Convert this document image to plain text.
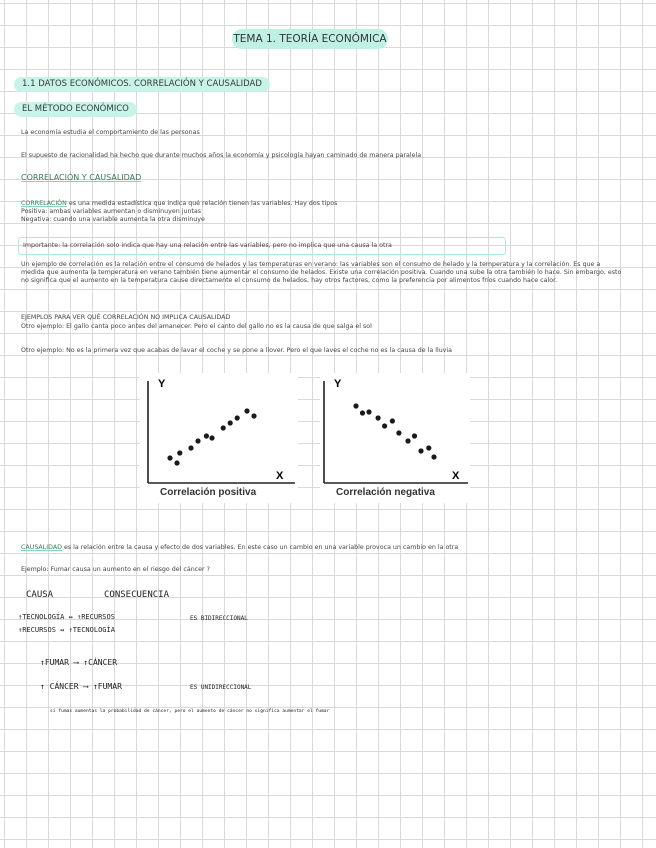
TEMA 1. TEORÍA ECONÓMICA
1.1 DATOS ECONÓMICOS. CORRELACIÓN Y CAUSALIDAD
EL MÉTODO ECONÓMICO
La economía estudia el comportamiento de las personas
El supuesto de racionalidad ha hecho que durante muchos años la economía y psicología hayan caminado de manera paralela
CORRELACIÓN Y CAUSALIDAD
CORRELACIÓN es una medida estadística que indica qué relación tienen las variables. Hay dos tipos
Positiva: ambas variables aumentan o disminuyen juntas
Negativa: cuando una variable aumenta la otra disminuye
Importante: la correlación solo indica que hay una relación entre las variables, pero no implica que una causa la otra
Un ejemplo de correlación es la relación entre el consumo de helados y las temperaturas en verano: las variables son el consumo de helado y la temperatura y la correlación. Es que a medida que aumenta la temperatura en verano también tiene aumentar el consumo de helados. Existe una correlación positiva. Cuando una sube la otra también lo hace. Sin embargo, esto no significa que el aumento en la temperatura cause directamente el consumo de helados, hay otros factores, como la preferencia por alimentos fríos cuando hace calor.
EJEMPLOS PARA VER QUÉ CORRELACIÓN NO IMPLICA CAUSALIDAD
Otro ejemplo: El gallo canta poco antes del amanecer. Pero el canto del gallo no es la causa de que salga el sol
Otro ejemplo: No es la primera vez que acabas de lavar el coche y se pone a llover. Pero el que laves el coche no es la causa de la lluvia
Y
X
Correlación positiva
Y
X
Correlación negativa
CAUSALIDAD es la relación entre la causa y efecto de dos variables. En este caso un cambio en una variable provoca un cambio en la otra
Ejemplo: Fumar causa un aumento en el riesgo del cáncer ?
CAUSA	CONSECUENCIA
↑TECNOLOGÍA ↔ ↑RECURSOS
↑RECURSOS ↔ ↑TECNOLOGÍA
ES BIDIRECCIONAL
↑FUMAR ⟶ ↑CÁNCER
↑ CÁNCER ⟶ ↑FUMAR	ES UNIDIRECCIONAL
si fumas aumentas la probabilidad de cáncer, pero el aumento de cáncer no significa aumentar el fumar
